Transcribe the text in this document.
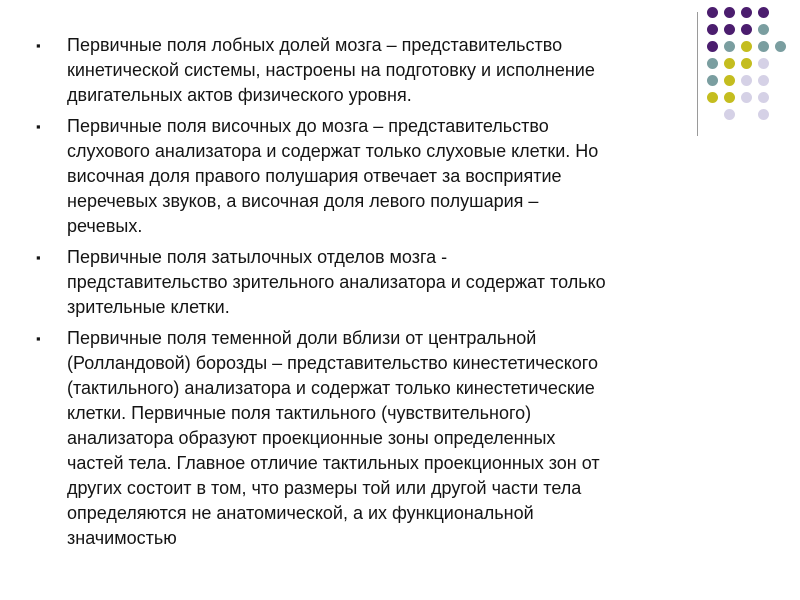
▪ Первичные поля лобных долей мозга – представительство
кинетической системы, настроены на подготовку и исполнение
двигательных актов физического уровня.
▪ Первичные поля височных до мозга – представительство
слухового анализатора и содержат только слуховые клетки. Но
височная доля правого полушария отвечает за восприятие
неречевых звуков, а височная доля левого полушария –
речевых.
▪ Первичные поля затылочных отделов мозга -
представительство зрительного анализатора и содержат только
зрительные клетки.
▪ Первичные поля теменной доли вблизи от центральной
(Ролландовой) борозды – представительство кинестетического
(тактильного) анализатора и содержат только кинестетические
клетки. Первичные поля тактильного (чувствительного)
анализатора образуют проекционные зоны определенных
частей тела. Главное отличие тактильных проекционных зон от
других состоит в том, что размеры той или другой части тела
определяются не анатомической, а их функциональной
значимостью
